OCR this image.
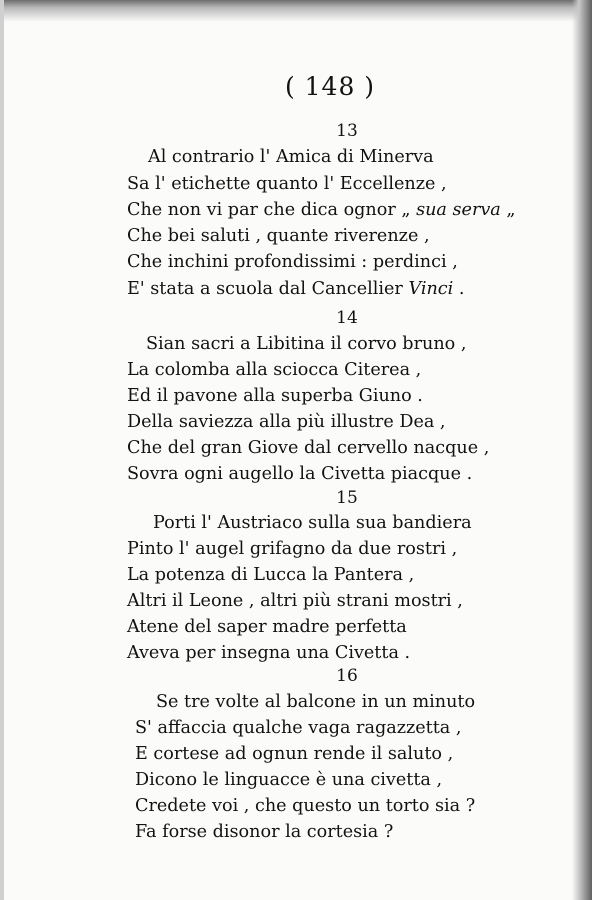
( 148 )
13
Al contrario l' Amica di Minerva
Sa l' etichette quanto l' Eccellenze ,
Che non vi par che dica ognor „ sua serva „
Che bei saluti , quante riverenze ,
Che inchini profondissimi : perdinci ,
E' stata a scuola dal Cancellier Vinci .
14
Sian sacri a Libitina il corvo bruno ,
La colomba alla sciocca Citerea ,
Ed il pavone alla superba Giuno .
Della saviezza alla più illustre Dea ,
Che del gran Giove dal cervello nacque ,
Sovra ogni augello la Civetta piacque .
15
Porti l' Austriaco sulla sua bandiera
Pinto l' augel grifagno da due rostri ,
La potenza di Lucca la Pantera ,
Altri il Leone , altri più strani mostri ,
Atene del saper madre perfetta
Aveva per insegna una Civetta .
16
Se tre volte al balcone in un minuto
S' affaccia qualche vaga ragazzetta ,
E cortese ad ognun rende il saluto ,
Dicono le linguacce è una civetta ,
Credete voi , che questo un torto sia ?
Fa forse disonor la cortesia ?
